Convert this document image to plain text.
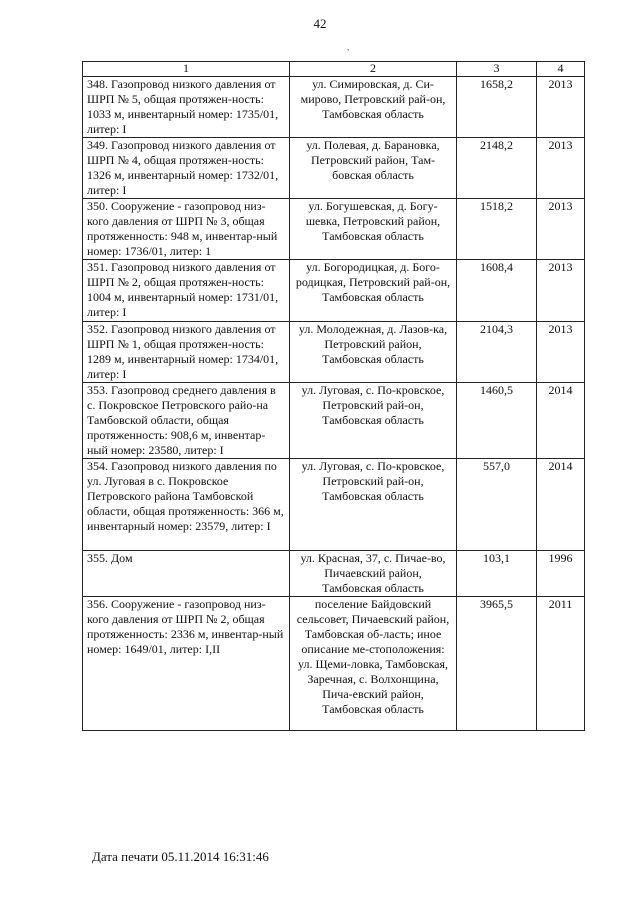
42
,
1	2	3	4
348. Газопровод низкого давления от ШРП № 5, общая протяжен-ность: 1033 м, инвентарный номер: 1735/01, литер: I	ул. Симировская, д. Си-мирово, Петровский рай-он, Тамбовская область	1658,2	2013
349. Газопровод низкого давления от ШРП № 4, общая протяжен-ность: 1326 м, инвентарный номер: 1732/01, литер: I	ул. Полевая, д. Барановка, Петровский район, Там-бовская область	2148,2	2013
350. Сооружение - газопровод низ-кого давления от ШРП № 3, общая протяженность: 948 м, инвентар-ный номер: 1736/01, литер: 1	ул. Богушевская, д. Богу-шевка, Петровский район, Тамбовская область	1518,2	2013
351. Газопровод низкого давления от ШРП № 2, общая протяжен-ность: 1004 м, инвентарный номер: 1731/01, литер: I	ул. Богородицкая, д. Бого-родицкая, Петровский рай-он, Тамбовская область	1608,4	2013
352. Газопровод низкого давления от ШРП № 1, общая протяжен-ность: 1289 м, инвентарный номер: 1734/01, литер: I	ул. Молодежная, д. Лазов-ка, Петровский район, Тамбовская область	2104,3	2013
353. Газопровод среднего давления в с. Покровское Петровского райо-на Тамбовской области, общая протяженность: 908,6 м, инвентар-ный номер: 23580, литер: I	ул. Луговая, с. По-кровское, Петровский рай-он, Тамбовская область	1460,5	2014
354. Газопровод низкого давления по ул. Луговая в с. Покровское Петровского района Тамбовской области, общая протяженность: 366 м, инвентарный номер: 23579, литер: I	ул. Луговая, с. По-кровское, Петровский рай-он, Тамбовская область	557,0	2014
355. Дом	ул. Красная, 37, с. Пичае-во, Пичаевский район, Тамбовская область	103,1	1996
356. Сооружение - газопровод низ-кого давления от ШРП № 2, общая протяженность: 2336 м, инвентар-ный номер: 1649/01, литер: I,II	поселение Байдовский сельсовет, Пичаевский район, Тамбовская об-ласть; иное описание ме-стоположения: ул. Щеми-ловка, Тамбовская, Заречная, с. Волхонщина, Пича-евский район, Тамбовская область	3965,5	2011
Дата печати 05.11.2014 16:31:46
